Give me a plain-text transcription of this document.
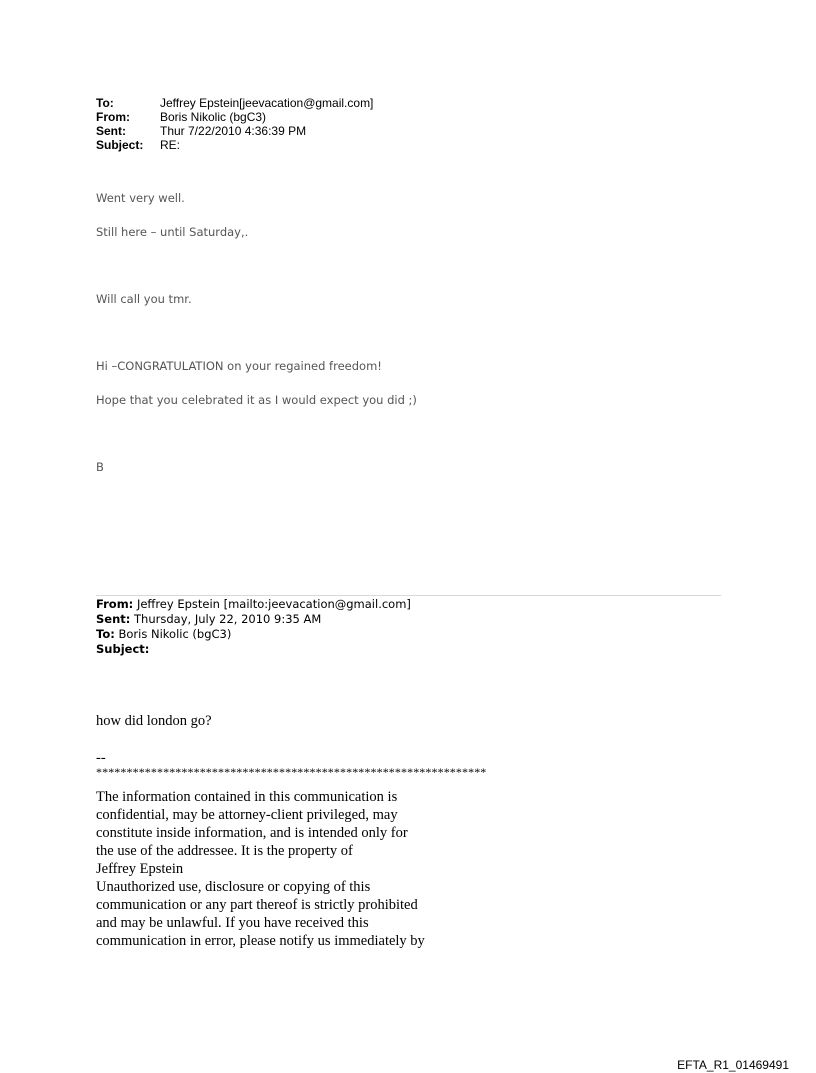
To:	Jeffrey Epstein[jeevacation@gmail.com]
From:	Boris Nikolic (bgC3)
Sent:	Thur 7/22/2010 4:36:39 PM
Subject:	RE:

Went very well.

Still here – until Saturday,.

Will call you tmr.

Hi –CONGRATULATION on your regained freedom!

Hope that you celebrated it as I would expect you did ;)

B

From: Jeffrey Epstein [mailto:jeevacation@gmail.com]
Sent: Thursday, July 22, 2010 9:35 AM
To: Boris Nikolic (bgC3)
Subject:

how did london go?

--

****************************************************************

The information contained in this communication is
confidential, may be attorney-client privileged, may
constitute inside information, and is intended only for
the use of the addressee. It is the property of
Jeffrey Epstein
Unauthorized use, disclosure or copying of this
communication or any part thereof is strictly prohibited
and may be unlawful. If you have received this
communication in error, please notify us immediately by
EFTA_R1_01469491
